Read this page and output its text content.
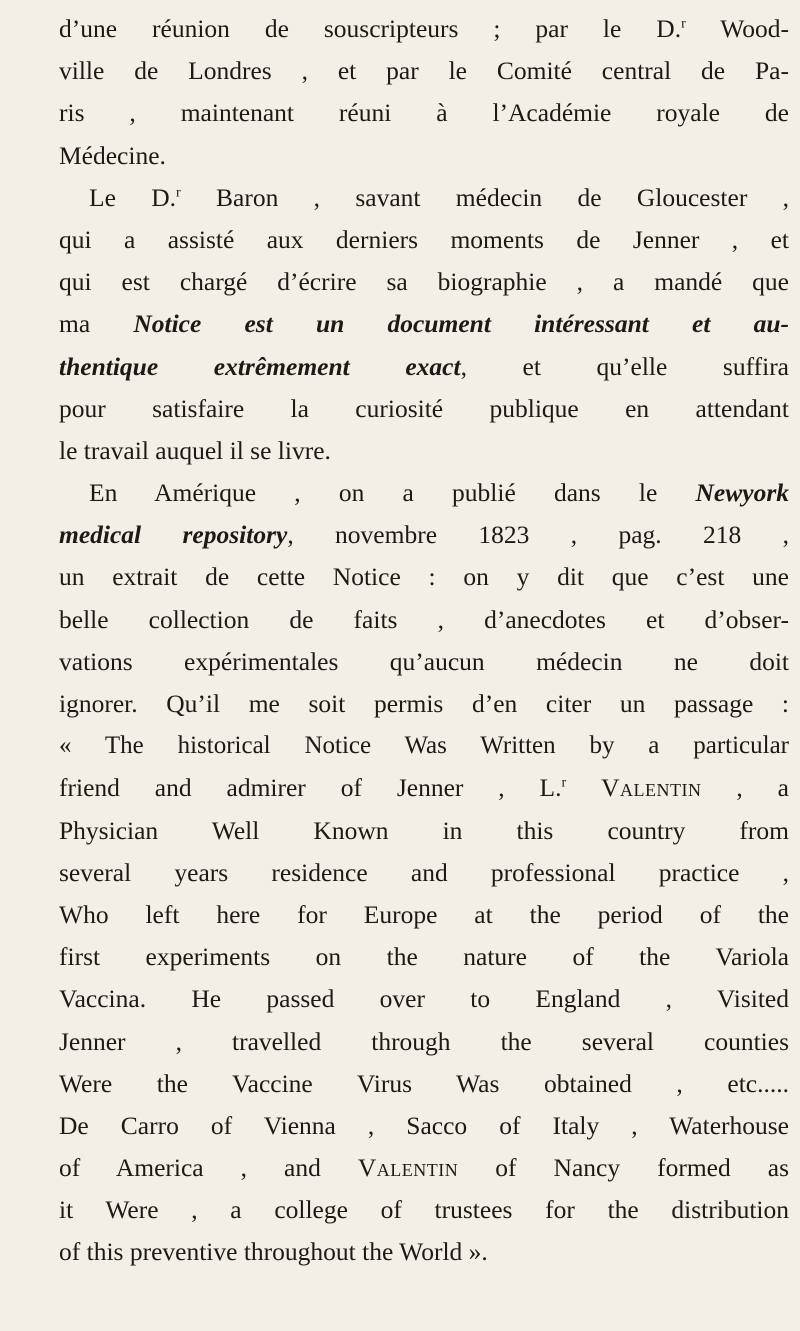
d’une réunion de souscripteurs ; par le D.$^r$ Wood-
ville de Londres , et par le Comité central de Pa-
ris , maintenant réuni à l’Académie royale de
Médecine.
Le D.$^r$ Baron , savant médecin de Gloucester ,
qui a assisté aux derniers moments de Jenner , et
qui est chargé d’écrire sa biographie , a mandé que
ma Notice est un document intéressant et au-
thentique extrêmement exact, et qu’elle suffira
pour satisfaire la curiosité publique en attendant
le travail auquel il se livre.
En Amérique , on a publié dans le Newyork
medical repository, novembre 1823 , pag. 218 ,
un extrait de cette Notice : on y dit que c’est une
belle collection de faits , d’anecdotes et d’obser-
vations expérimentales qu’aucun médecin ne doit
ignorer. Qu’il me soit permis d’en citer un passage :
« The historical Notice Was Written by a particular
friend and admirer of Jenner , L.$^r$ Valentin , a
Physician Well Known in this country from
several years residence and professional practice ,
Who left here for Europe at the period of the
first experiments on the nature of the Variola
Vaccina. He passed over to England , Visited
Jenner , travelled through the several counties
Were the Vaccine Virus Was obtained , etc.....
De Carro of Vienna , Sacco of Italy , Waterhouse
of America , and Valentin of Nancy formed as
it Were , a college of trustees for the distribution
of this preventive throughout the World ».
